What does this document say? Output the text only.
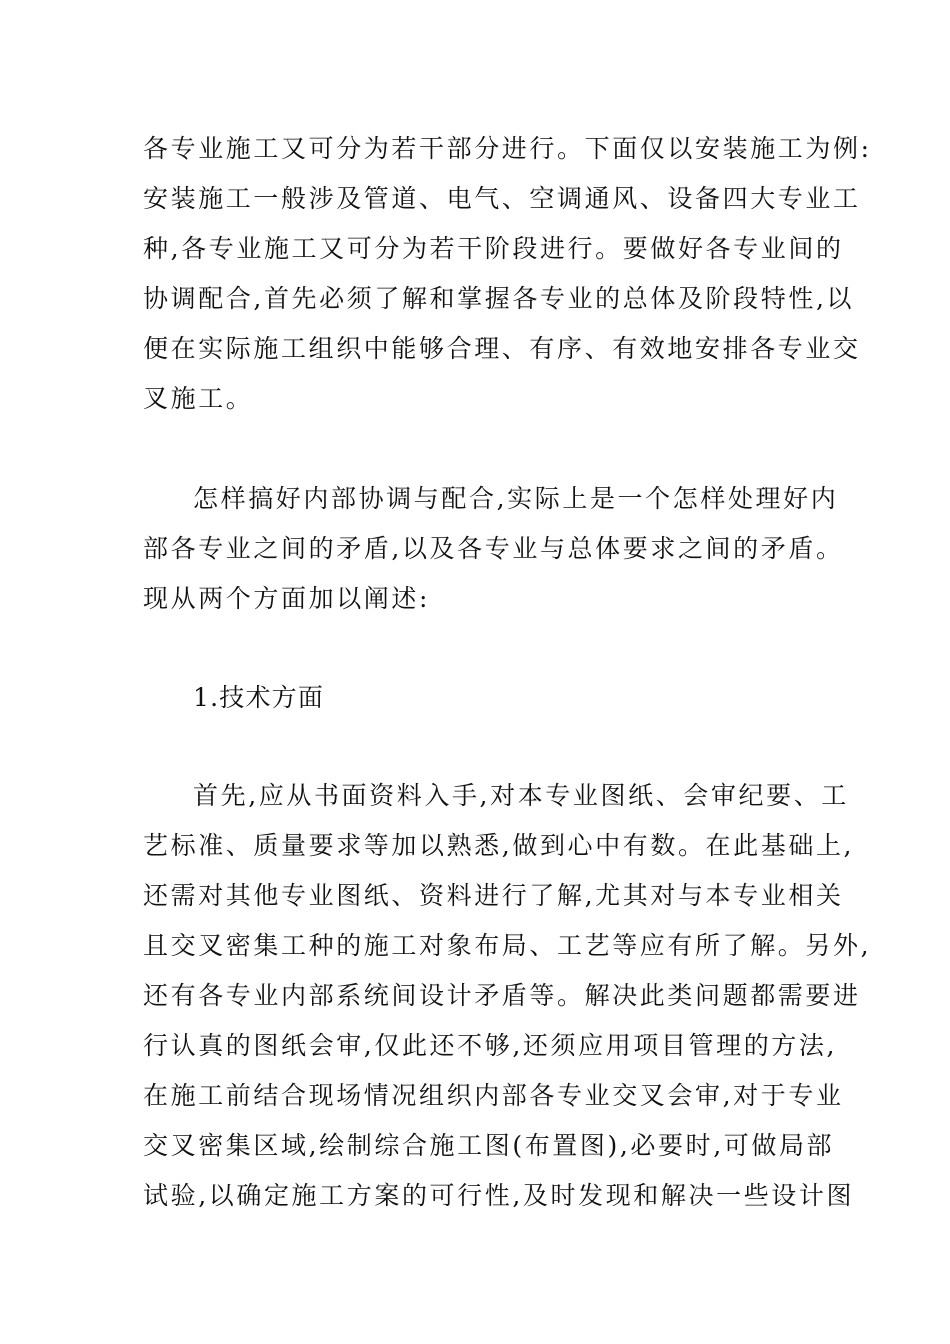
各专业施工又可分为若干部分进行。下面仅以安装施工为例:
安装施工一般涉及管道、电气、空调通风、设备四大专业工
种,各专业施工又可分为若干阶段进行。要做好各专业间的
协调配合,首先必须了解和掌握各专业的总体及阶段特性,以
便在实际施工组织中能够合理、有序、有效地安排各专业交
叉施工。
怎样搞好内部协调与配合,实际上是一个怎样处理好内
部各专业之间的矛盾,以及各专业与总体要求之间的矛盾。
现从两个方面加以阐述:
1.技术方面
首先,应从书面资料入手,对本专业图纸、会审纪要、工
艺标准、质量要求等加以熟悉,做到心中有数。在此基础上,
还需对其他专业图纸、资料进行了解,尤其对与本专业相关
且交叉密集工种的施工对象布局、工艺等应有所了解。另外,
还有各专业内部系统间设计矛盾等。解决此类问题都需要进
行认真的图纸会审,仅此还不够,还须应用项目管理的方法,
在施工前结合现场情况组织内部各专业交叉会审,对于专业
交叉密集区域,绘制综合施工图(布置图),必要时,可做局部
试验,以确定施工方案的可行性,及时发现和解决一些设计图
